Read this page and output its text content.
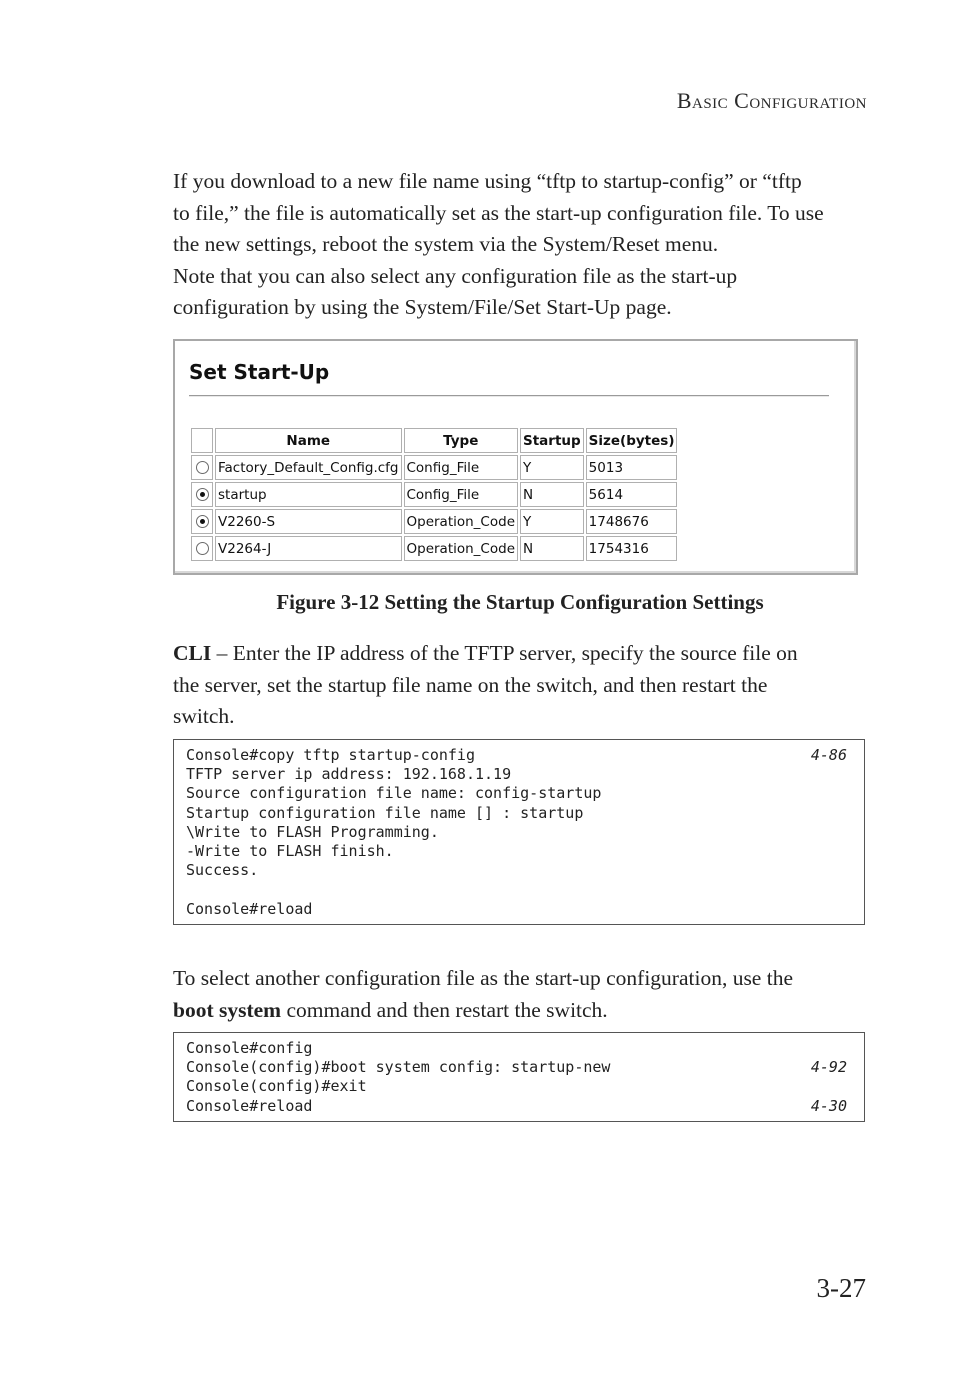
Basic Configuration
If you download to a new file name using “tftp to startup-config” or “tftp
to file,” the file is automatically set as the start-up configuration file. To use
the new settings, reboot the system via the System/Reset menu.
Note that you can also select any configuration file as the start-up
configuration by using the System/File/Set Start-Up page.
Set Start-Up
	Name	Type	Startup	Size(bytes)
	Factory_Default_Config.cfg	Config_File	Y	5013
	startup	Config_File	N	5614
	V2260-S	Operation_Code	Y	1748676
	V2264-J	Operation_Code	N	1754316
Figure 3-12 Setting the Startup Configuration Settings
CLI – Enter the IP address of the TFTP server, specify the source file on
the server, set the startup file name on the switch, and then restart the
switch.
Console#copy tftp startup-config	4-86
TFTP server ip address: 192.168.1.19
Source configuration file name: config-startup
Startup configuration file name [] : startup
\Write to FLASH Programming.
-Write to FLASH finish.
Success.
Console#reload
To select another configuration file as the start-up configuration, use the
boot system command and then restart the switch.
Console#config
Console(config)#boot system config: startup-new	4-92
Console(config)#exit
Console#reload	4-30
3-27
